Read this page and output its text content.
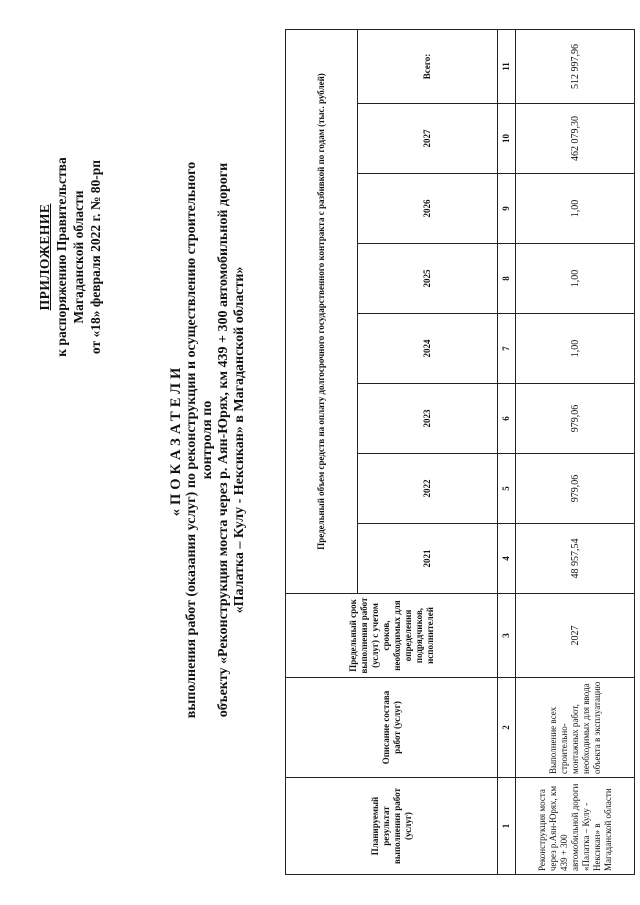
ПРИЛОЖЕНИЕ к распоряжению Правительства Магаданской области от «18» февраля 2022 г. № 80-рп
«ПОКАЗАТЕЛИ выполнения работ (оказания услуг) по реконструкции и осуществлению строительного контроля по объекту «Реконструкция моста через р. Аян-Юрях, км 439 + 300 автомобильной дороги «Палатка – Кулу - Нексикан» в Магаданской области»
Планируемый результат выполнения работ (услуг)	Описание состава работ (услуг)	Предельный срок выполнения работ (услуг) с учетом сроков, необходимых для определения подрядчиков, исполнителей	Предельный объем средств на оплату долгосрочного государственного контракта с разбивкой по годам (тыс. рублей)							
			2021	2022	2023	2024	2025	2026	2027	Всего:
1	2	3	4	5	6	7	8	9	10	11
Реконструкция моста через р.Аян-Юрях, км 439 + 300 автомобильной дороги «Палатка – Кулу - Нексикан» в Магаданской области	Выполнение всех строительно-монтажных работ, необходимых для ввода объекта в эксплуатацию	2027	48 957,54	979,06	979,06	1,00	1,00	1,00	462 079,30	512 997,96
